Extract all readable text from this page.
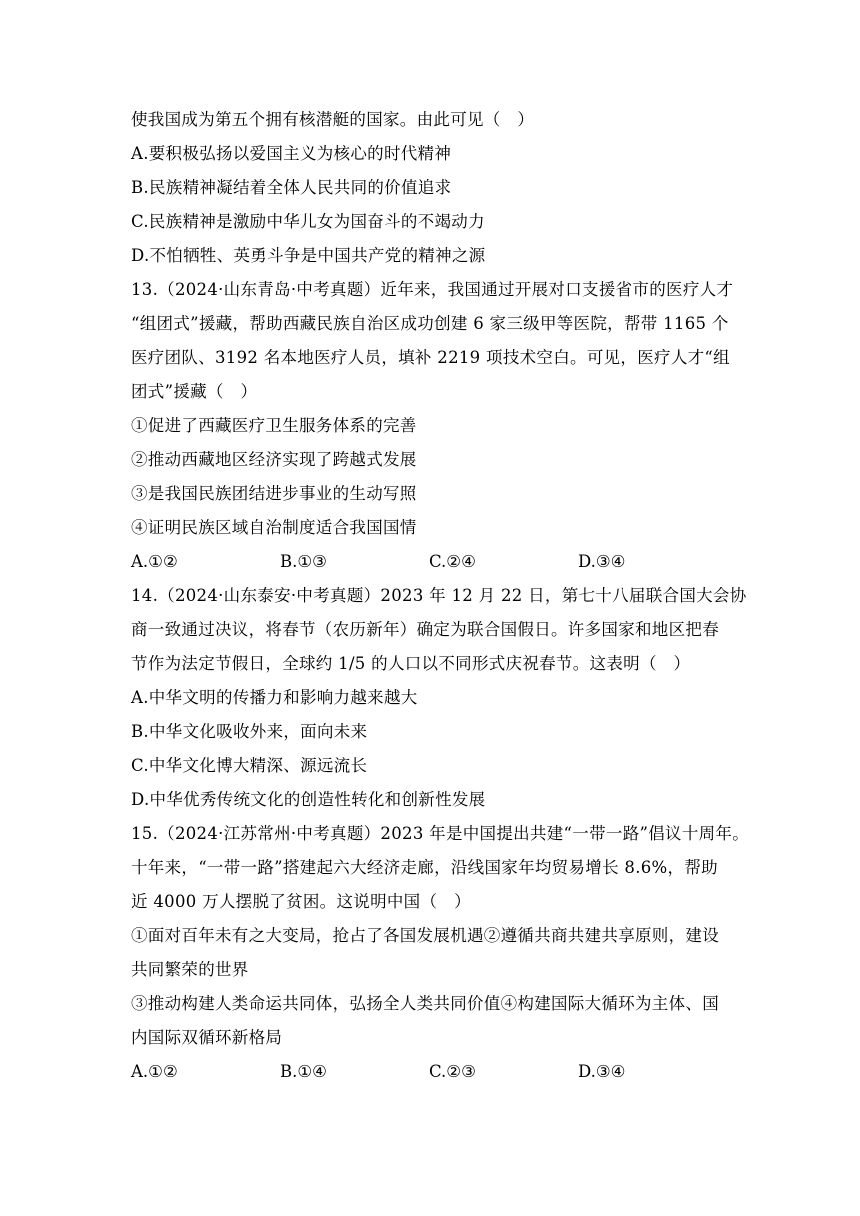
使我国成为第五个拥有核潜艇的国家。由此可见（　）
A.要积极弘扬以爱国主义为核心的时代精神
B.民族精神凝结着全体人民共同的价值追求
C.民族精神是激励中华儿女为国奋斗的不竭动力
D.不怕牺牲、英勇斗争是中国共产党的精神之源
13.（2024·山东青岛·中考真题）近年来，我国通过开展对口支援省市的医疗人才
“组团式”援藏，帮助西藏民族自治区成功创建 6 家三级甲等医院，帮带 1165 个
医疗团队、3192 名本地医疗人员，填补 2219 项技术空白。可见，医疗人才“组
团式”援藏（　）
①促进了西藏医疗卫生服务体系的完善
②推动西藏地区经济实现了跨越式发展
③是我国民族团结进步事业的生动写照
④证明民族区域自治制度适合我国国情
A.①②	B.①③	C.②④	D.③④
14.（2024·山东泰安·中考真题）2023 年 12 月 22 日，第七十八届联合国大会协
商一致通过决议，将春节（农历新年）确定为联合国假日。许多国家和地区把春
节作为法定节假日，全球约 1/5 的人口以不同形式庆祝春节。这表明（　）
A.中华文明的传播力和影响力越来越大
B.中华文化吸收外来，面向未来
C.中华文化博大精深、源远流长
D.中华优秀传统文化的创造性转化和创新性发展
15.（2024·江苏常州·中考真题）2023 年是中国提出共建“一带一路”倡议十周年。
十年来，“一带一路”搭建起六大经济走廊，沿线国家年均贸易增长 8.6%，帮助
近 4000 万人摆脱了贫困。这说明中国（　）
①面对百年未有之大变局，抢占了各国发展机遇②遵循共商共建共享原则，建设
共同繁荣的世界
③推动构建人类命运共同体，弘扬全人类共同价值④构建国际大循环为主体、国
内国际双循环新格局
A.①②	B.①④	C.②③	D.③④
